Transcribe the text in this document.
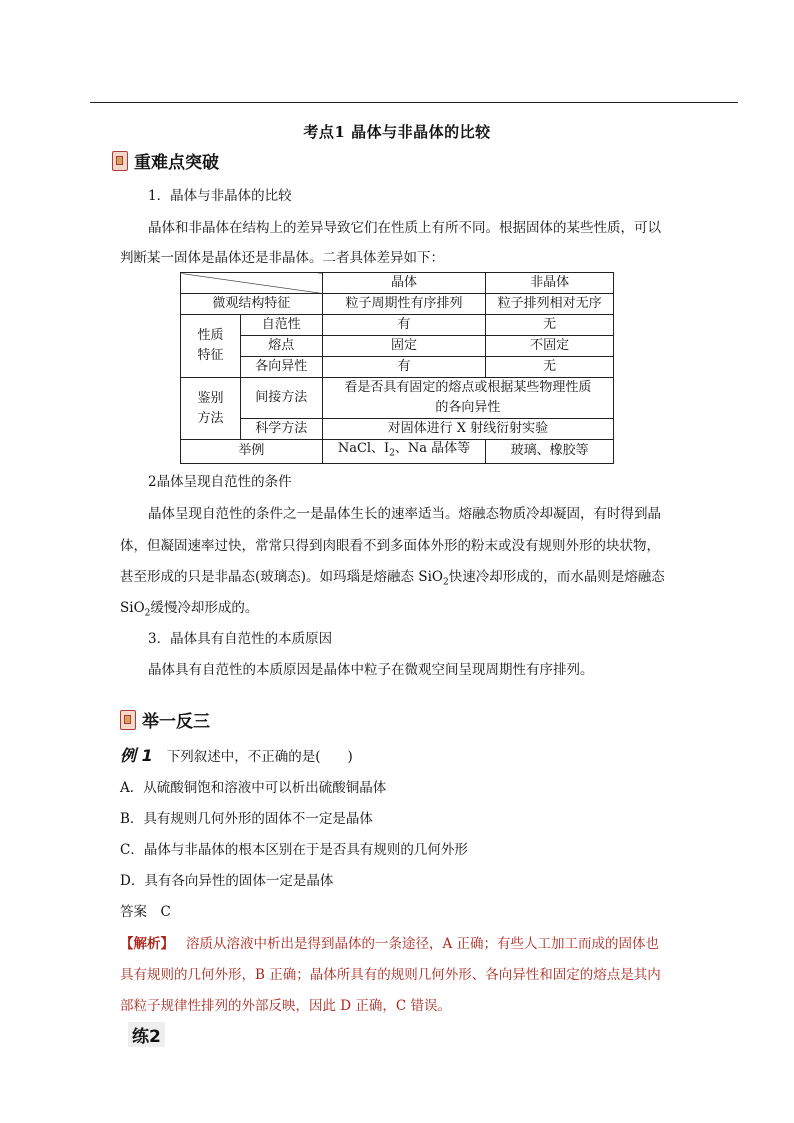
考点1 晶体与非晶体的比较
重难点突破
1．晶体与非晶体的比较
晶体和非晶体在结构上的差异导致它们在性质上有所不同。根据固体的某些性质，可以
判断某一固体是晶体还是非晶体。二者具体差异如下：
		晶体	非晶体
微观结构特征		粒子周期性有序排列	粒子排列相对无序
性质特征	自范性	有	无
	熔点	固定	不固定
	各向异性	有	无
鉴别方法	间接方法	看是否具有固定的熔点或根据某些物理性质
的各向异性	

	科学方法	对固体进行 X 射线衍射实验	
举例		NaCl、$I_2$、Na 晶体等	玻璃、橡胶等
2晶体呈现自范性的条件
晶体呈现自范性的条件之一是晶体生长的速率适当。熔融态物质冷却凝固，有时得到晶
体，但凝固速率过快，常常只得到肉眼看不到多面体外形的粉末或没有规则外形的块状物，
甚至形成的只是非晶态(玻璃态)。如玛瑙是熔融态 SiO$_2$快速冷却形成的，而水晶则是熔融态
SiO$_2$缓慢冷却形成的。
3．晶体具有自范性的本质原因
晶体具有自范性的本质原因是晶体中粒子在微观空间呈现周期性有序排列。
举一反三
例 1 下列叙述中，不正确的是(　　)
A．从硫酸铜饱和溶液中可以析出硫酸铜晶体
B．具有规则几何外形的固体不一定是晶体
C．晶体与非晶体的根本区别在于是否具有规则的几何外形
D．具有各向异性的固体一定是晶体
答案　C
【解析】 溶质从溶液中析出是得到晶体的一条途径，A 正确；有些人工加工而成的固体也
具有规则的几何外形，B 正确；晶体所具有的规则几何外形、各向异性和固定的熔点是其内
部粒子规律性排列的外部反映，因此 D 正确，C 错误。
练2
